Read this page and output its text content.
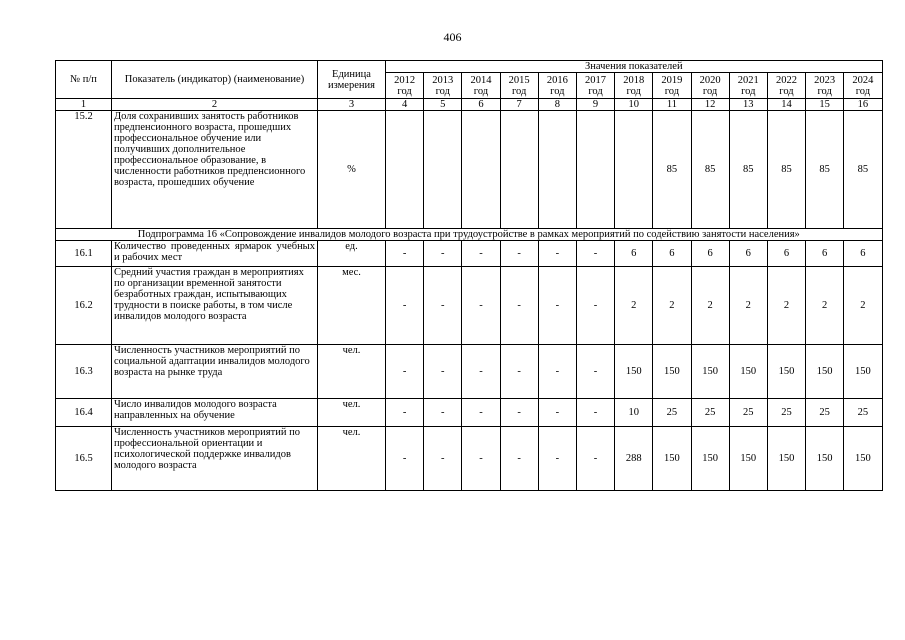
406
№ п/п	Показатель (индикатор) (наименование)	Единица измерения	Значения показателей												
			2012 год	2013 год	2014 год	2015 год	2016 год	2017 год	2018 год	2019 год	2020 год	2021 год	2022 год	2023 год	2024 год
1	2	3	4	5	6	7	8	9	10	11	12	13	14	15	16
15.2	Доля сохранивших занятость работников предпенсионного возраста, прошедших профессиональное обучение или получивших дополнительное профессиональное образование, в численности работников предпенсионного возраста, прошедших обучение	%								85	85	85	85	85	85
Подпрограмма 16 «Сопровождение инвалидов молодого возраста при трудоустройстве в рамках мероприятий по содействию занятости населения»															
16.1	Количество проведенных ярмарок учебных и рабочих мест	ед.	-	-	-	-	-	-	6	6	6	6	6	6	6
16.2	Средний участия граждан в мероприятиях по организации временной занятости безработных граждан, испытывающих трудности в поиске работы, в том числе инвалидов молодого возраста	мес.	-	-	-	-	-	-	2	2	2	2	2	2	2
16.3	Численность участников мероприятий по социальной адаптации инвалидов молодого возраста на рынке труда	чел.	-	-	-	-	-	-	150	150	150	150	150	150	150
16.4	Число инвалидов молодого возраста направленных на обучение	чел.	-	-	-	-	-	-	10	25	25	25	25	25	25
16.5	Численность участников мероприятий по профессиональной ориентации и психологической поддержке инвалидов молодого возраста	чел.	-	-	-	-	-	-	288	150	150	150	150	150	150
